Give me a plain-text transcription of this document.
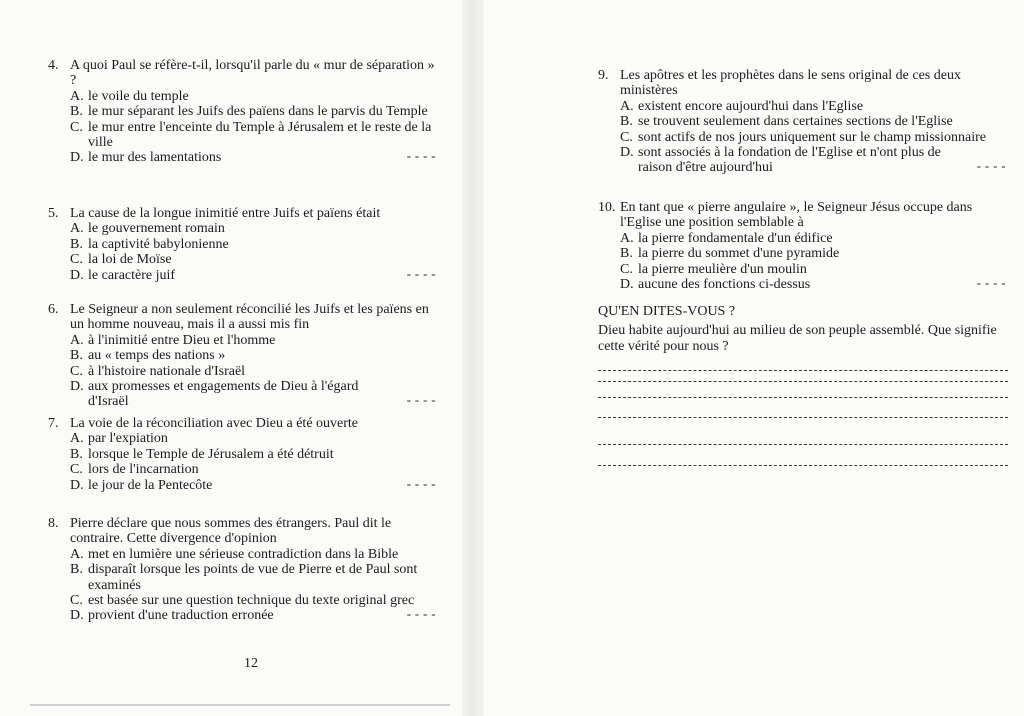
4. A quoi Paul se réfère-t-il, lorsqu'il parle du « mur de séparation » ?
A. le voile du temple
B. le mur séparant les Juifs des païens dans le parvis du Temple
C. le mur entre l'enceinte du Temple à Jérusalem et le reste de la ville
D. le mur des lamentations	----
5. La cause de la longue inimitié entre Juifs et païens était
A. le gouvernement romain
B. la captivité babylonienne
C. la loi de Moïse
D. le caractère juif	----
6. Le Seigneur a non seulement réconcilié les Juifs et les païens en un homme nouveau, mais il a aussi mis fin
A. à l'inimitié entre Dieu et l'homme
B. au « temps des nations »
C. à l'histoire nationale d'Israël
D. aux promesses et engagements de Dieu à l'égard d'Israël	----
7. La voie de la réconciliation avec Dieu a été ouverte
A. par l'expiation
B. lorsque le Temple de Jérusalem a été détruit
C. lors de l'incarnation
D. le jour de la Pentecôte	----
8. Pierre déclare que nous sommes des étrangers. Paul dit le contraire. Cette divergence d'opinion
A. met en lumière une sérieuse contradiction dans la Bible
B. disparaît lorsque les points de vue de Pierre et de Paul sont examinés
C. est basée sur une question technique du texte original grec
D. provient d'une traduction erronée	----
12
9. Les apôtres et les prophètes dans le sens original de ces deux ministères
A. existent encore aujourd'hui dans l'Eglise
B. se trouvent seulement dans certaines sections de l'Eglise
C. sont actifs de nos jours uniquement sur le champ missionnaire
D. sont associés à la fondation de l'Eglise et n'ont plus de raison d'être aujourd'hui	----
10. En tant que « pierre angulaire », le Seigneur Jésus occupe dans l'Eglise une position semblable à
A. la pierre fondamentale d'un édifice
B. la pierre du sommet d'une pyramide
C. la pierre meulière d'un moulin
D. aucune des fonctions ci-dessus	----
QU'EN DITES-VOUS ?
Dieu habite aujourd'hui au milieu de son peuple assemblé. Que signifie cette vérité pour nous ?
